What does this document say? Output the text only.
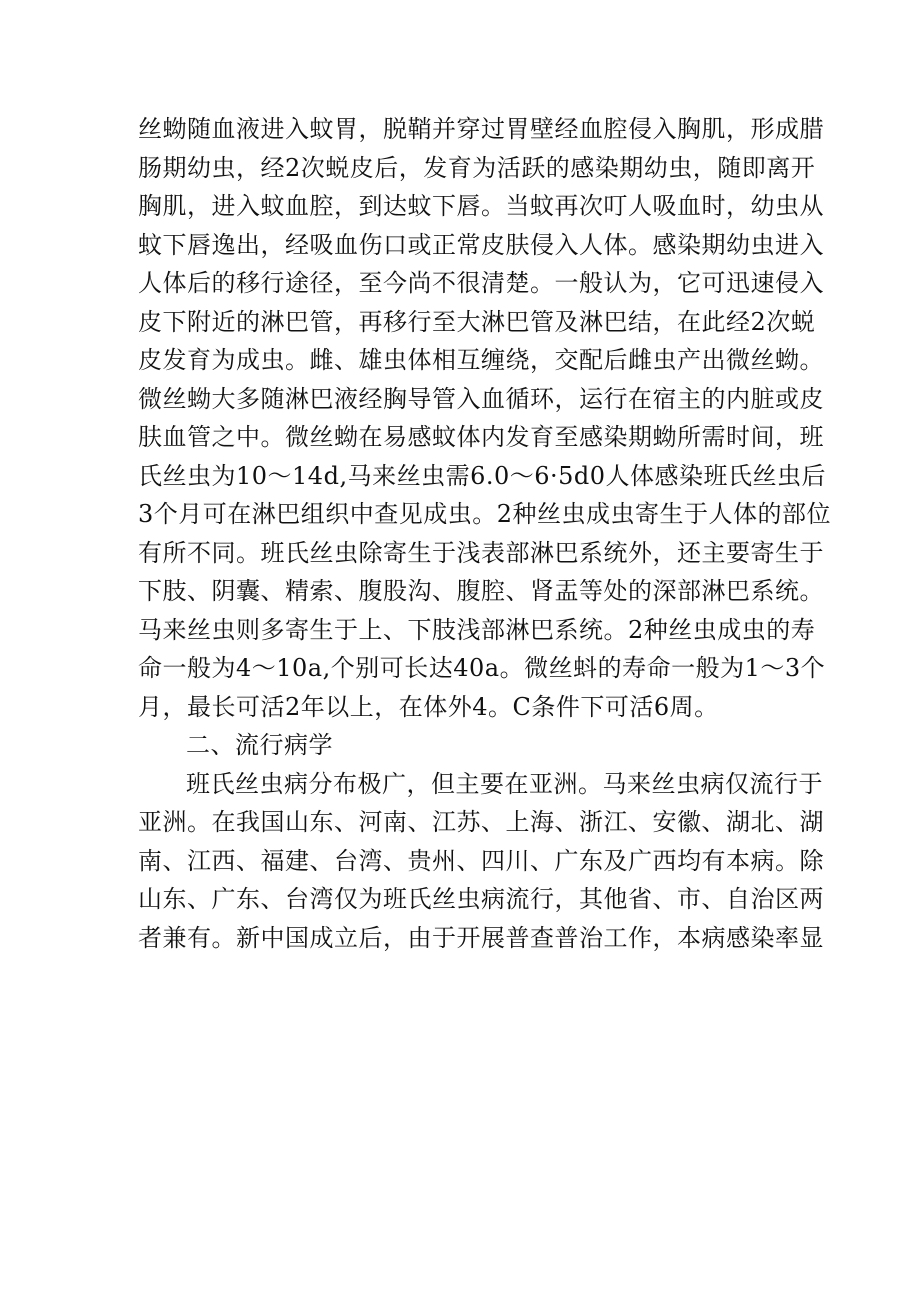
丝蚴随血液进入蚊胃，脱鞘并穿过胃壁经血腔侵入胸肌，形成腊
肠期幼虫，经2次蜕皮后，发育为活跃的感染期幼虫，随即离开
胸肌，进入蚊血腔，到达蚊下唇。当蚊再次叮人吸血时，幼虫从
蚊下唇逸出，经吸血伤口或正常皮肤侵入人体。感染期幼虫进入
人体后的移行途径，至今尚不很清楚。一般认为，它可迅速侵入
皮下附近的淋巴管，再移行至大淋巴管及淋巴结，在此经2次蜕
皮发育为成虫。雌、雄虫体相互缠绕，交配后雌虫产出微丝蚴。
微丝蚴大多随淋巴液经胸导管入血循环，运行在宿主的内脏或皮
肤血管之中。微丝蚴在易感蚊体内发育至感染期蚴所需时间，班
氏丝虫为10～14d,马来丝虫需6.0～6·5d0人体感染班氏丝虫后
3个月可在淋巴组织中查见成虫。2种丝虫成虫寄生于人体的部位
有所不同。班氏丝虫除寄生于浅表部淋巴系统外，还主要寄生于
下肢、阴囊、精索、腹股沟、腹腔、肾盂等处的深部淋巴系统。
马来丝虫则多寄生于上、下肢浅部淋巴系统。2种丝虫成虫的寿
命一般为4～10a,个别可长达40a。微丝蚪的寿命一般为1～3个
月，最长可活2年以上，在体外4。C条件下可活6周。
二、流行病学
班氏丝虫病分布极广，但主要在亚洲。马来丝虫病仅流行于
亚洲。在我国山东、河南、江苏、上海、浙江、安徽、湖北、湖
南、江西、福建、台湾、贵州、四川、广东及广西均有本病。除
山东、广东、台湾仅为班氏丝虫病流行，其他省、市、自治区两
者兼有。新中国成立后，由于开展普查普治工作，本病感染率显
